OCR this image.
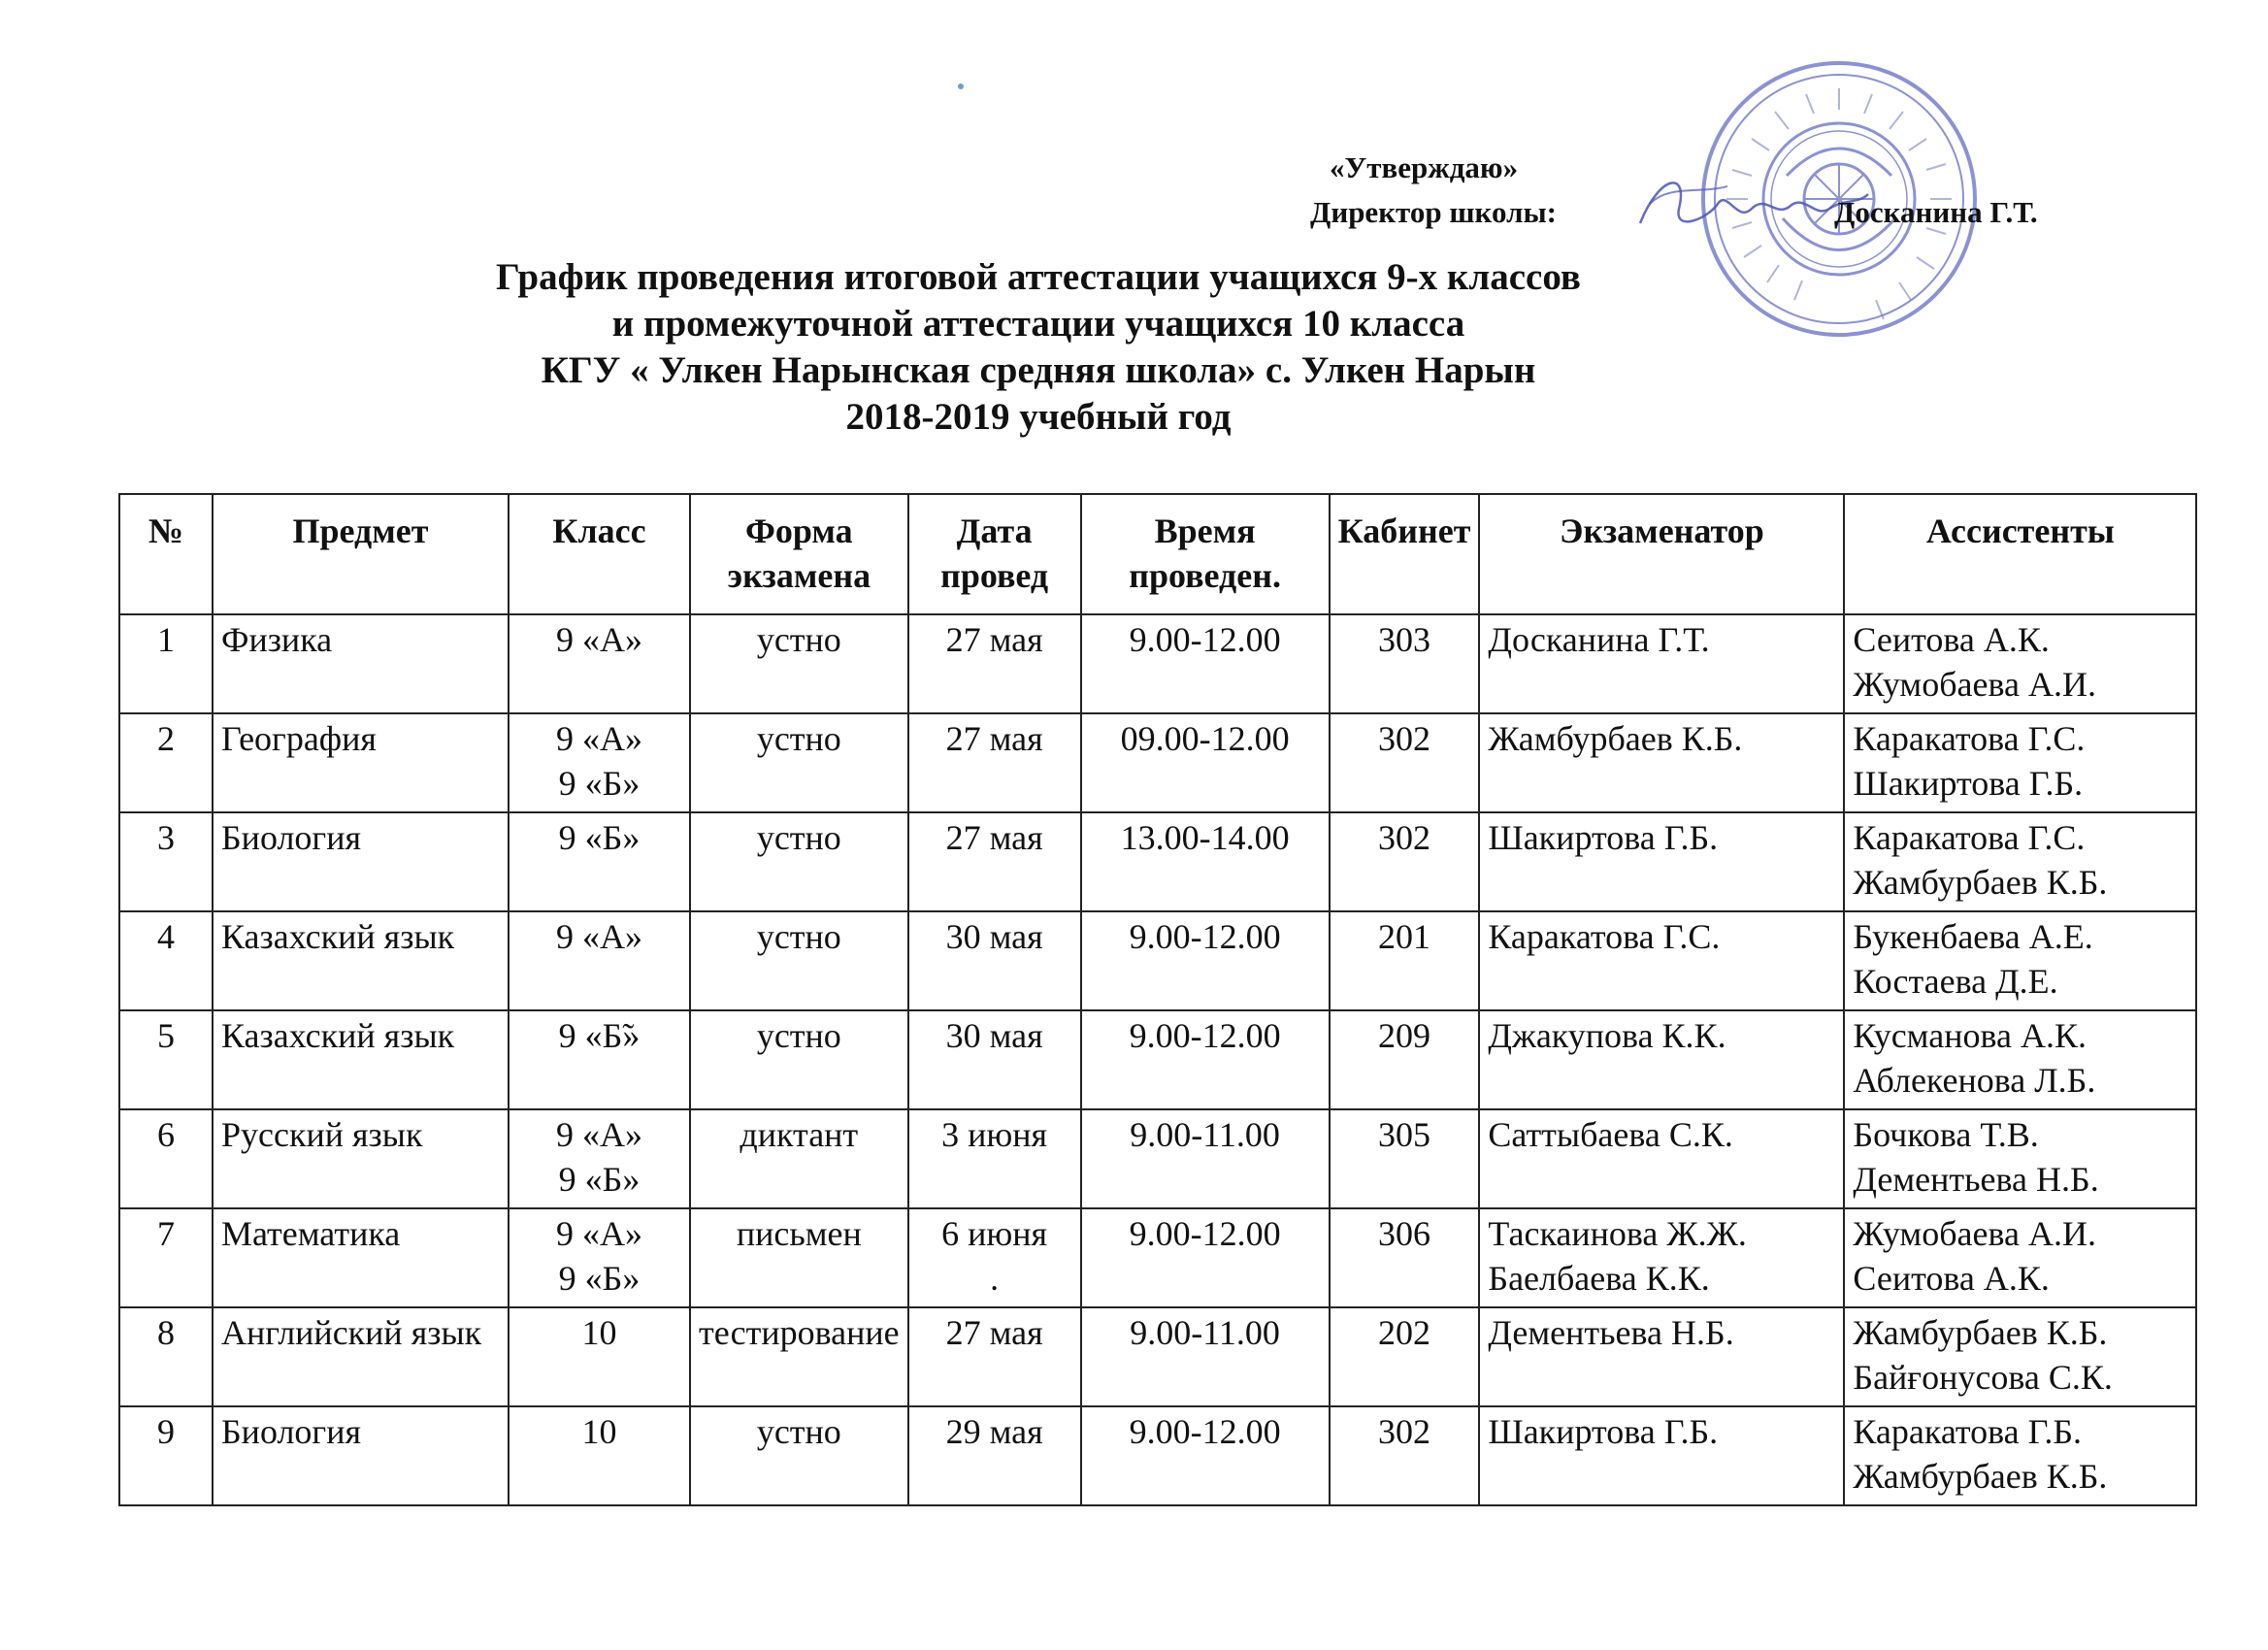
«Утверждаю»
Директор школы:	Досканина Г.Т.
График проведения итоговой аттестации учащихся 9-х классов
и промежуточной аттестации учащихся 10 класса
КГУ « Улкен Нарынская средняя школа» с. Улкен Нарын
2018-2019 учебный год
№	Предмет	Класс	Форма экзамена	Дата провед	Время проведен.	Кабинет	Экзаменатор	Ассистенты
1	Физика	9 «А»	устно	27 мая	9.00-12.00	303	Досканина Г.Т.	Сеитова А.К.
Жумобаева А.И.
2	География	9 «А»
9 «Б»	устно	27 мая	09.00-12.00	302	Жамбурбаев К.Б.	Каракатова Г.С.
Шакиртова Г.Б.
3	Биология	9 «Б»	устно	27 мая	13.00-14.00	302	Шакиртова Г.Б.	Каракатова Г.С.
Жамбурбаев К.Б.
4	Казахский язык	9 «А»	устно	30 мая	9.00-12.00	201	Каракатова Г.С.	Букенбаева А.Е.
Костаева Д.Е.
5	Казахский язык	9 «Б̃»	устно	30 мая	9.00-12.00	209	Джакупова К.К.	Кусманова А.К.
Аблекенова Л.Б.
6	Русский язык	9 «А»
9 «Б»	диктант	3 июня	9.00-11.00	305	Саттыбаева С.К.	Бочкова Т.В.
Дементьева Н.Б.
7	Математика	9 «А»
9 «Б»	письмен	6 июня
.	9.00-12.00	306	Таскаинова Ж.Ж.
Баелбаева К.К.	Жумобаева А.И.
Сеитова А.К.
8	Английский язык	10	тестирование	27 мая	9.00-11.00	202	Дементьева Н.Б.	Жамбурбаев К.Б.
Байғонусова С.К.
9	Биология	10	устно	29 мая	9.00-12.00	302	Шакиртова Г.Б.	Каракатова Г.Б.
Жамбурбаев К.Б.
